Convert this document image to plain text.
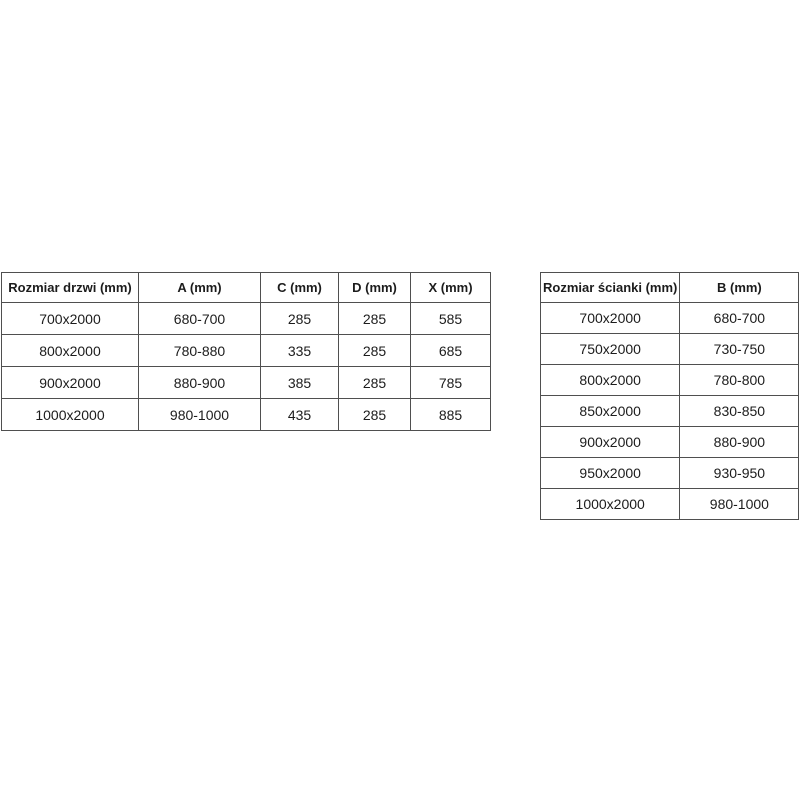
Rozmiar drzwi (mm)	A (mm)	C (mm)	D (mm)	X (mm)
700x2000	680-700	285	285	585
800x2000	780-880	335	285	685
900x2000	880-900	385	285	785
1000x2000	980-1000	435	285	885
Rozmiar ścianki (mm)	B (mm)
700x2000	680-700
750x2000	730-750
800x2000	780-800
850x2000	830-850
900x2000	880-900
950x2000	930-950
1000x2000	980-1000
